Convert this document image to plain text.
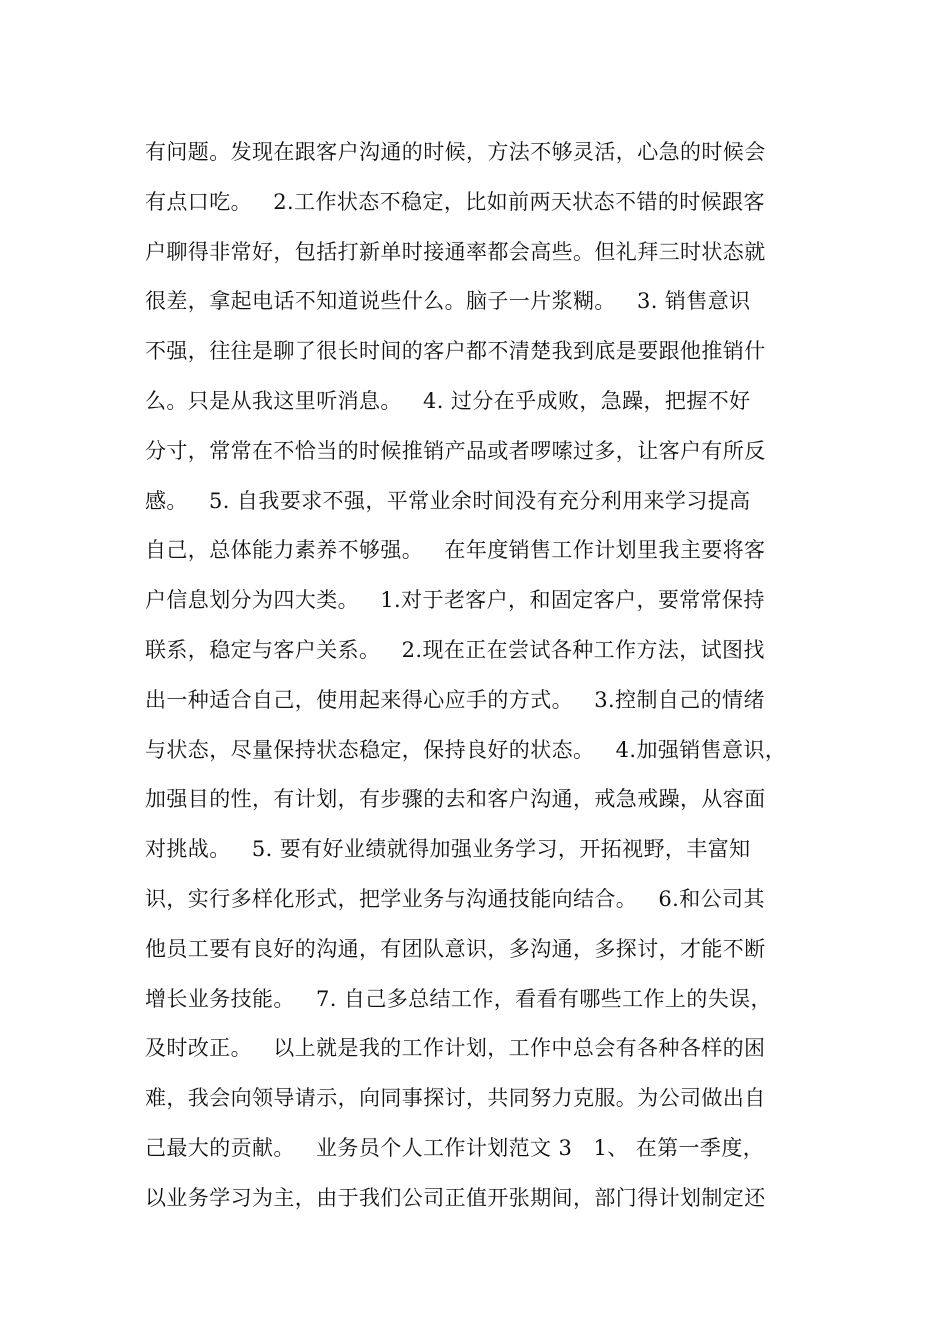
有问题。发现在跟客户沟通的时候，方法不够灵活，心急的时候会
有点口吃。   2.工作状态不稳定，比如前两天状态不错的时候跟客
户聊得非常好，包括打新单时接通率都会高些。但礼拜三时状态就
很差，拿起电话不知道说些什么。脑子一片浆糊。   3. 销售意识
不强，往往是聊了很长时间的客户都不清楚我到底是要跟他推销什
么。只是从我这里听消息。   4. 过分在乎成败，急躁，把握不好
分寸，常常在不恰当的时候推销产品或者啰嗦过多，让客户有所反
感。   5. 自我要求不强，平常业余时间没有充分利用来学习提高
自己，总体能力素养不够强。   在年度销售工作计划里我主要将客
户信息划分为四大类。   1.对于老客户，和固定客户，要常常保持
联系，稳定与客户关系。   2.现在正在尝试各种工作方法，试图找
出一种适合自己，使用起来得心应手的方式。   3.控制自己的情绪
与状态，尽量保持状态稳定，保持良好的状态。   4.加强销售意识，
加强目的性，有计划，有步骤的去和客户沟通，戒急戒躁，从容面
对挑战。   5. 要有好业绩就得加强业务学习，开拓视野，丰富知
识，实行多样化形式，把学业务与沟通技能向结合。   6.和公司其
他员工要有良好的沟通，有团队意识，多沟通，多探讨，才能不断
增长业务技能。   7. 自己多总结工作，看看有哪些工作上的失误，
及时改正。   以上就是我的工作计划，工作中总会有各种各样的困
难，我会向领导请示，向同事探讨，共同努力克服。为公司做出自
己最大的贡献。   业务员个人工作计划范文 3   1、 在第一季度，
以业务学习为主，由于我们公司正值开张期间，部门得计划制定还
